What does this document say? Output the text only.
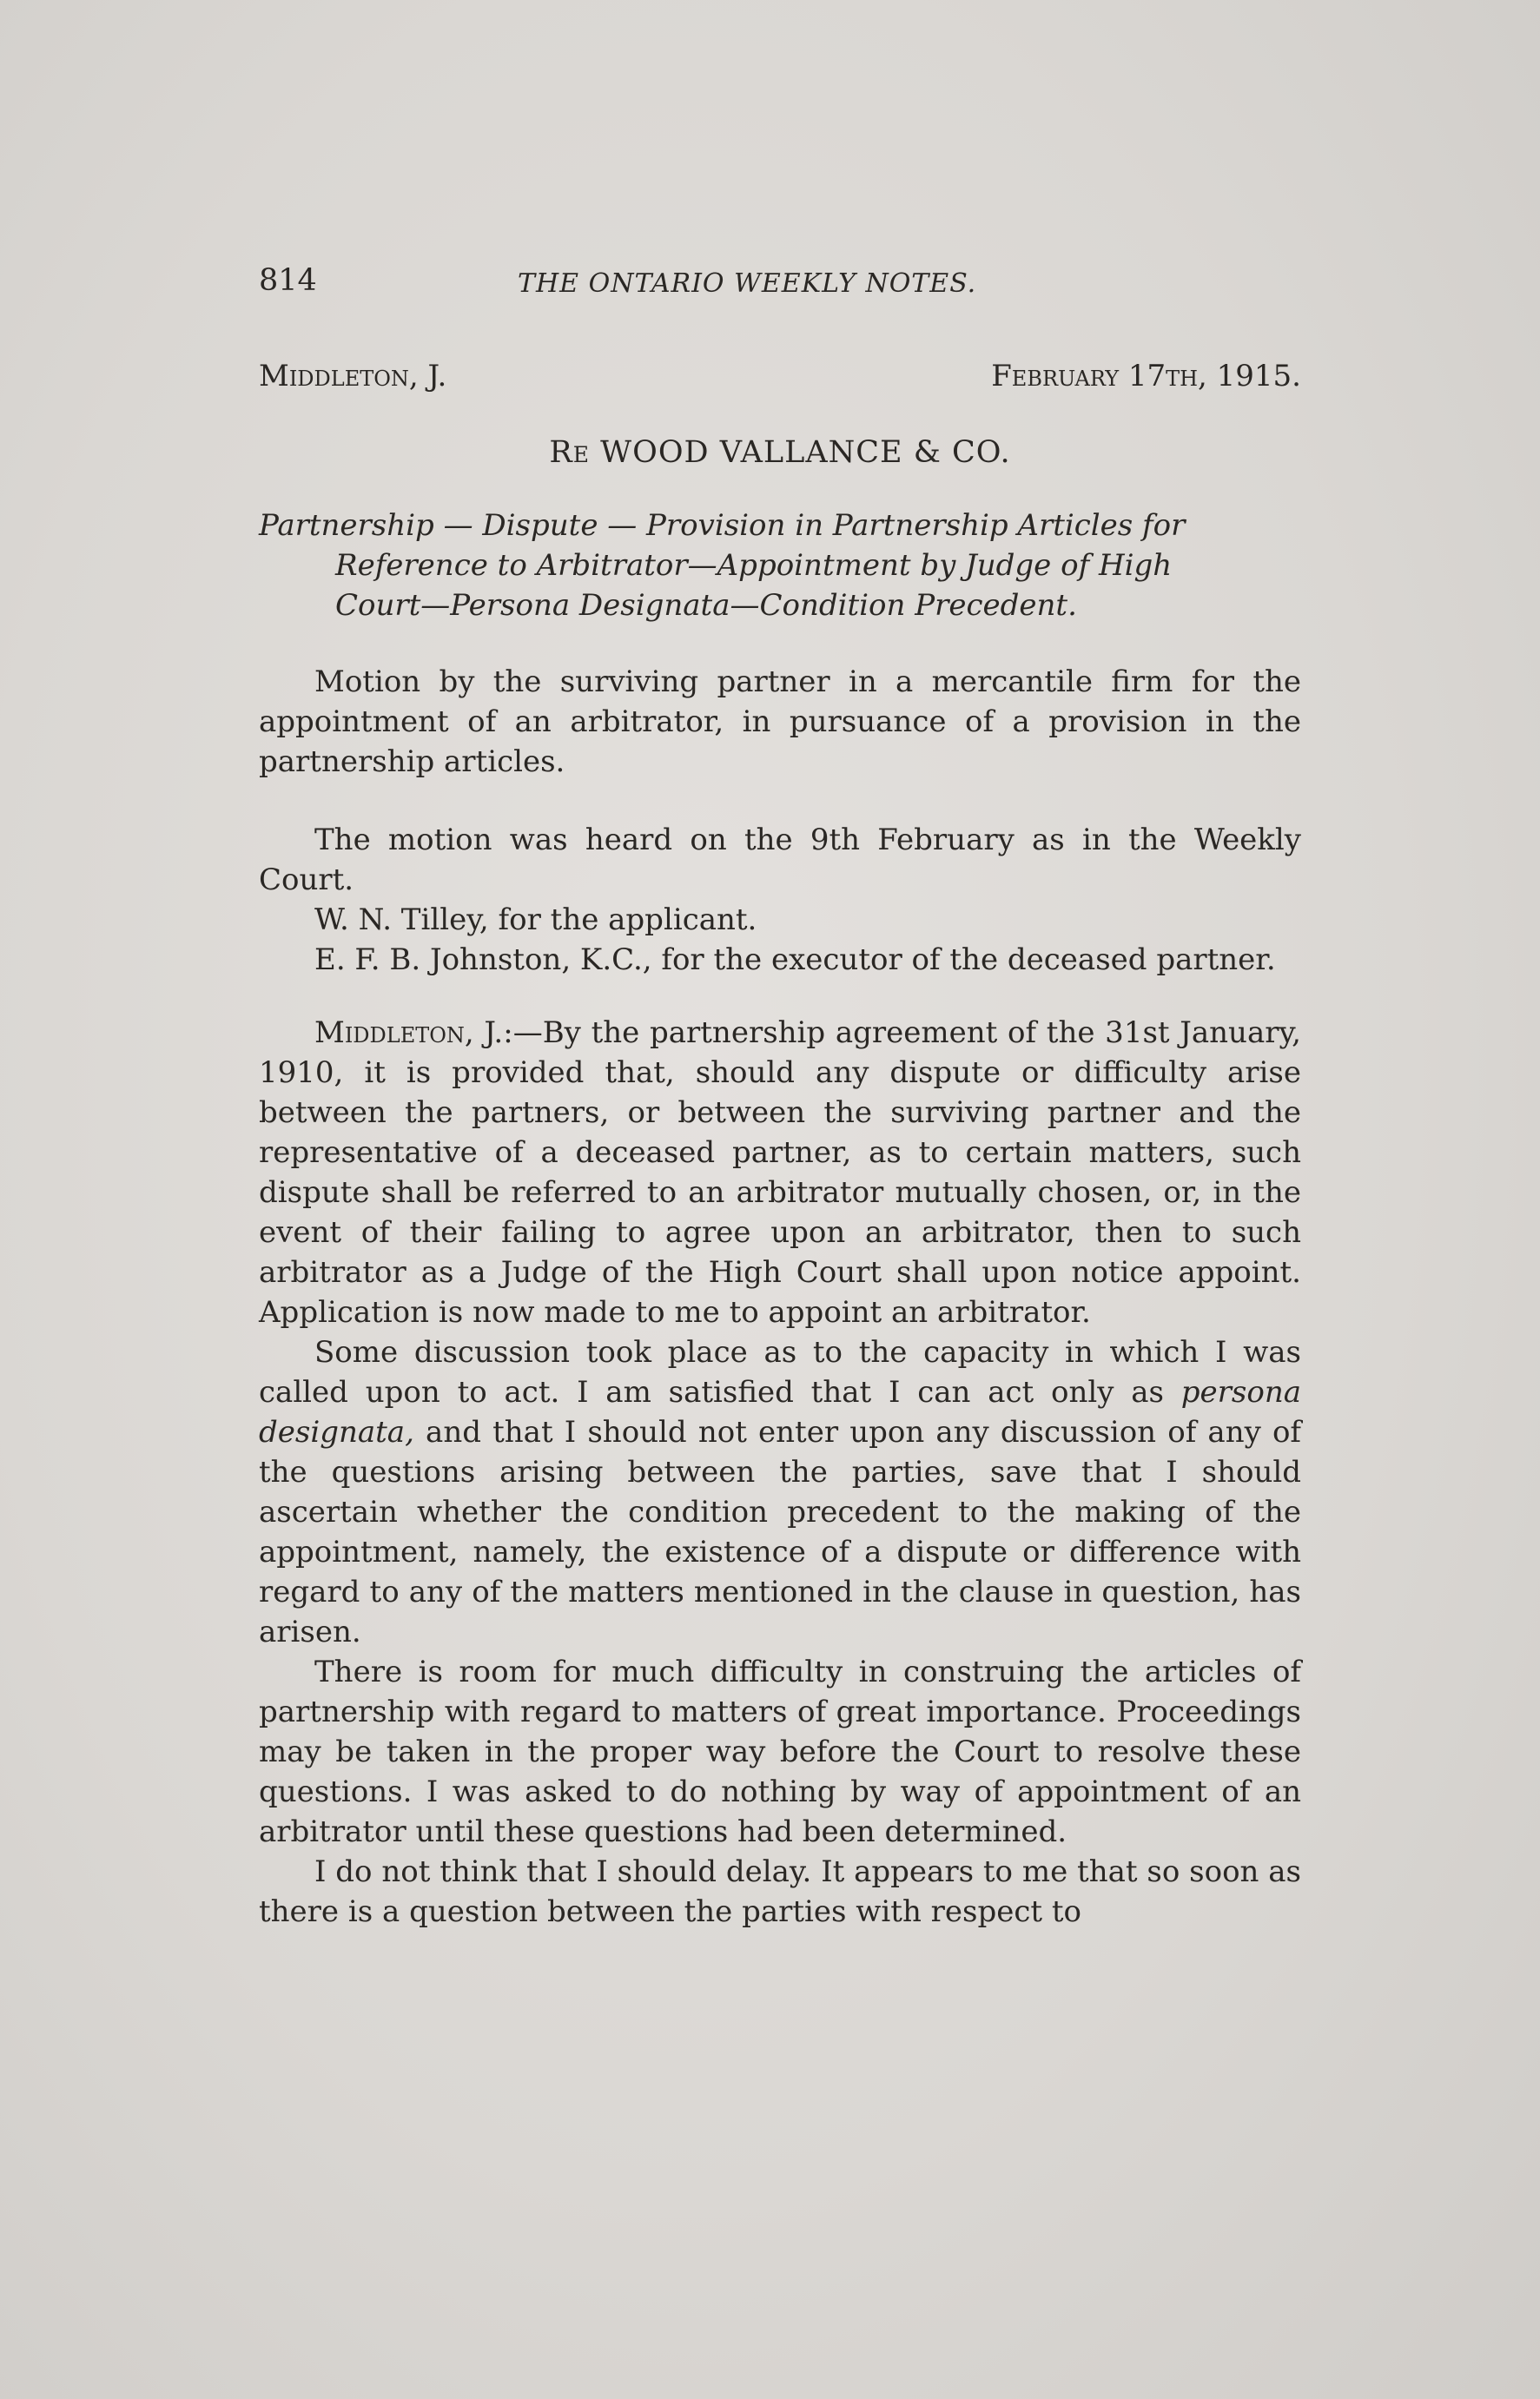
814	THE ONTARIO WEEKLY NOTES.
Middleton, J.	February 17th, 1915.
Re WOOD VALLANCE & CO.
Partnership — Dispute — Provision in Partnership Articles for
Reference to Arbitrator—Appointment by Judge of High
Court—Persona Designata—Condition Precedent.

Motion by the surviving partner in a mercantile firm for the appointment of an arbitrator, in pursuance of a provision in the partnership articles.

The motion was heard on the 9th February as in the Weekly Court.

W. N. Tilley, for the applicant.

E. F. B. Johnston, K.C., for the executor of the deceased partner.

Middleton, J.:—By the partnership agreement of the 31st January, 1910, it is provided that, should any dispute or difficulty arise between the partners, or between the surviving partner and the representative of a deceased partner, as to certain matters, such dispute shall be referred to an arbitrator mutually chosen, or, in the event of their failing to agree upon an arbitrator, then to such arbitrator as a Judge of the High Court shall upon notice appoint. Application is now made to me to appoint an arbitrator.

Some discussion took place as to the capacity in which I was called upon to act. I am satisfied that I can act only as persona designata, and that I should not enter upon any discussion of any of the questions arising between the parties, save that I should ascertain whether the condition precedent to the making of the appointment, namely, the existence of a dispute or difference with regard to any of the matters mentioned in the clause in question, has arisen.

There is room for much difficulty in construing the articles of partnership with regard to matters of great importance. Proceedings may be taken in the proper way before the Court to resolve these questions. I was asked to do nothing by way of appointment of an arbitrator until these questions had been determined.

I do not think that I should delay. It appears to me that so soon as there is a question between the parties with respect to
